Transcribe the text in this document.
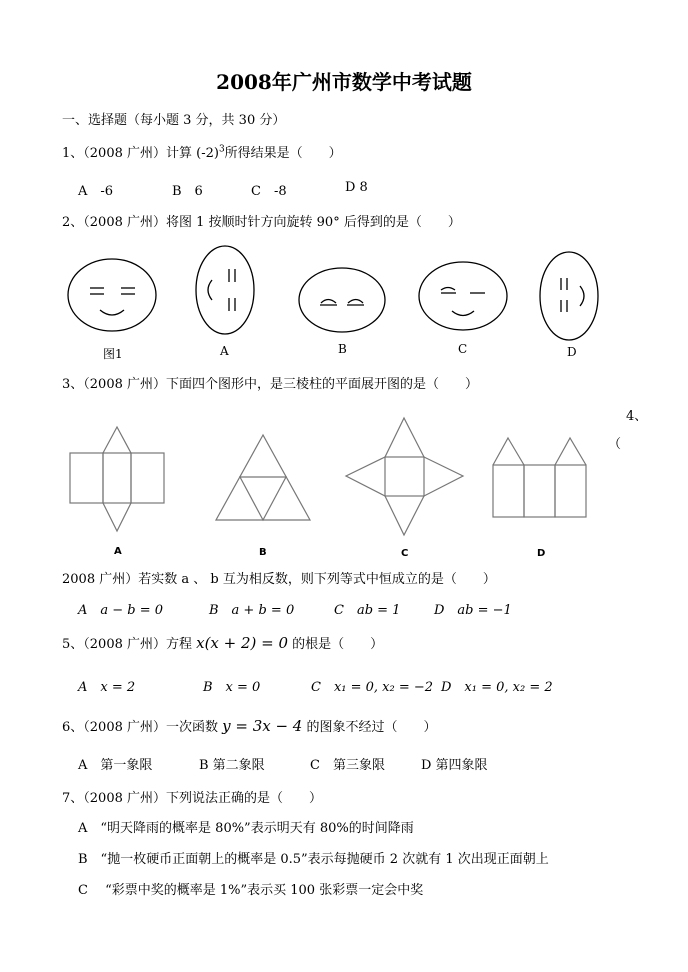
2008年广州市数学中考试题
一、选择题（每小题 3 分，共 30 分）
1、（2008 广州）计算 $(-2)^3$所得结果是（　　）
A　-6	B　6	C　-8	D 8
2、（2008 广州）将图 1 按顺时针方向旋转 90° 后得到的是（　　）
图1	A	B	C	D
3、（2008 广州）下面四个图形中，是三棱柱的平面展开图的是（　　）
A	B	C	D
4、
（
2008 广州）若实数 a 、 b 互为相反数，则下列等式中恒成立的是（　　）
A　a − b = 0	B　a + b = 0	C　ab = 1	D　ab = −1
5、（2008 广州）方程 x(x + 2) = 0 的根是（　　）
A　x = 2	B　x = 0	C　x₁ = 0, x₂ = −2 D　x₁ = 0, x₂ = 2
6、（2008 广州）一次函数 y = 3x − 4 的图象不经过（　　）
A　第一象限	B 第二象限	C　第三象限	D 第四象限
7、（2008 广州）下列说法正确的是（　　）
A　“明天降雨的概率是 80%”表示明天有 80%的时间降雨
B　“抛一枚硬币正面朝上的概率是 0.5”表示每抛硬币 2 次就有 1 次出现正面朝上
C　 “彩票中奖的概率是 1%”表示买 100 张彩票一定会中奖
